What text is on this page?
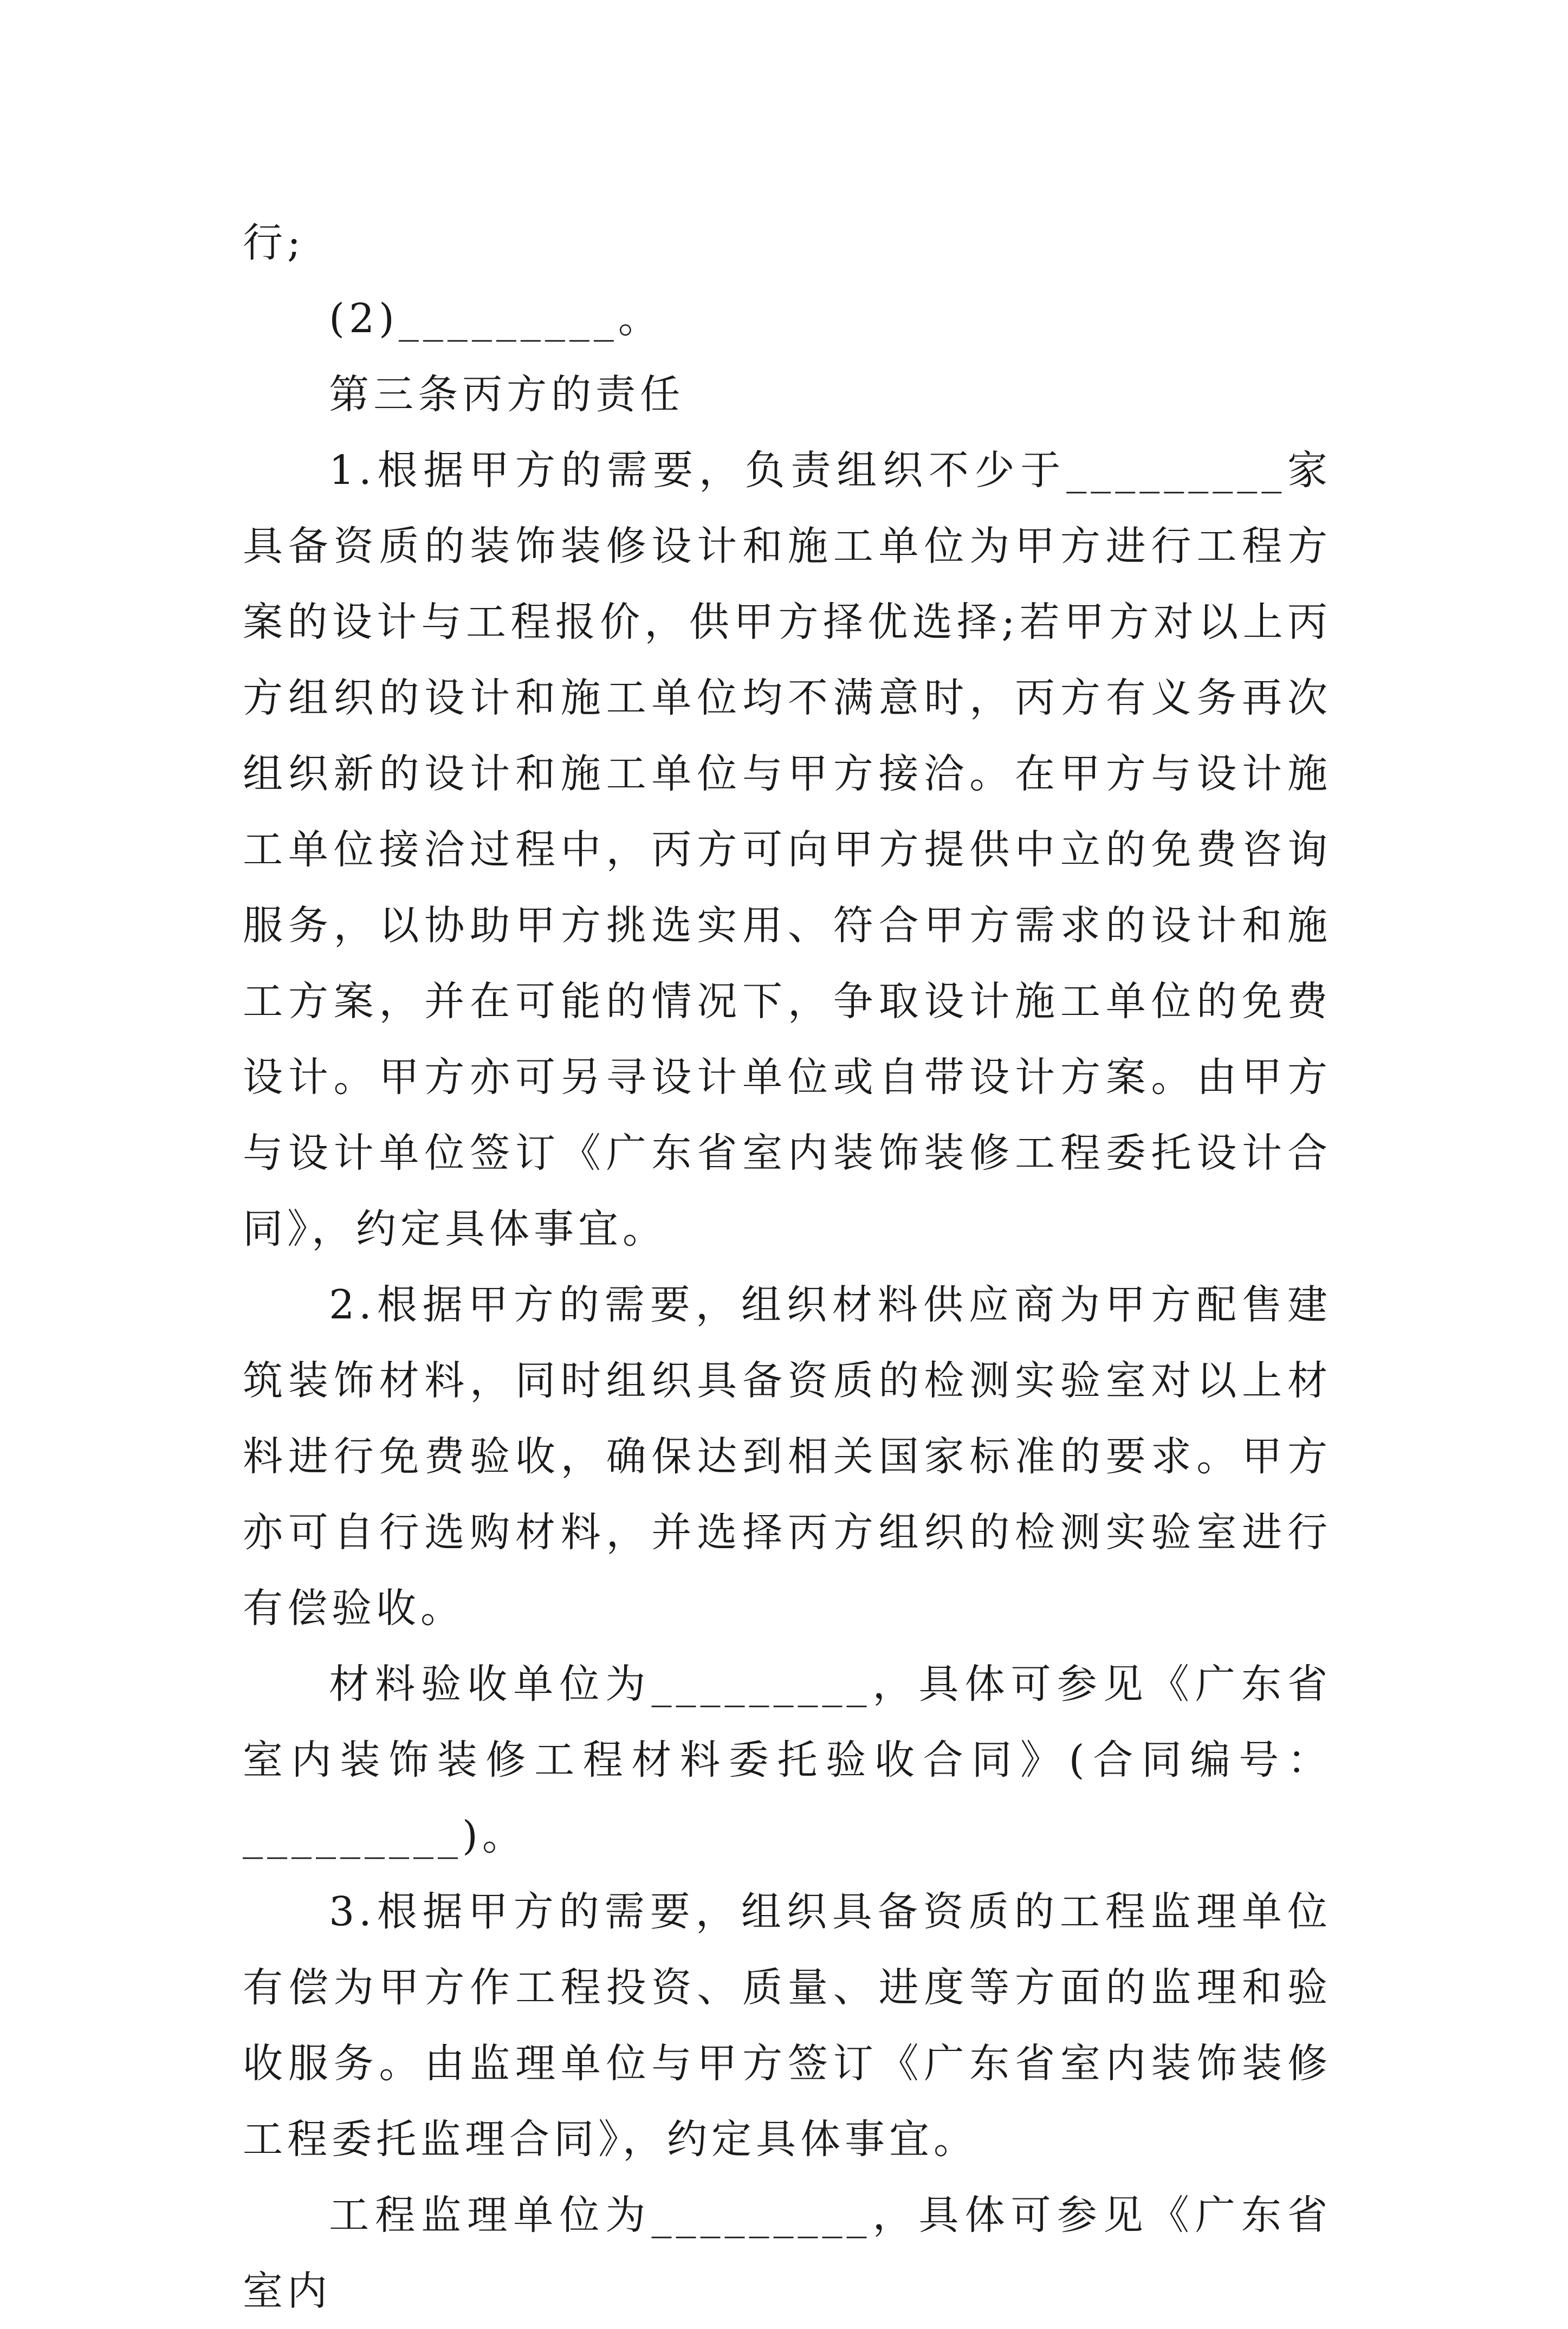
行;

(2)_________。

第三条丙方的责任

1.根据甲方的需要，负责组织不少于_________家具备资质的装饰装修设计和施工单位为甲方进行工程方案的设计与工程报价，供甲方择优选择;若甲方对以上丙方组织的设计和施工单位均不满意时，丙方有义务再次组织新的设计和施工单位与甲方接洽。在甲方与设计施工单位接洽过程中，丙方可向甲方提供中立的免费咨询服务，以协助甲方挑选实用、符合甲方需求的设计和施工方案，并在可能的情况下，争取设计施工单位的免费设计。甲方亦可另寻设计单位或自带设计方案。由甲方与设计单位签订《广东省室内装饰装修工程委托设计合同》，约定具体事宜。

2.根据甲方的需要，组织材料供应商为甲方配售建筑装饰材料，同时组织具备资质的检测实验室对以上材料进行免费验收，确保达到相关国家标准的要求。甲方亦可自行选购材料，并选择丙方组织的检测实验室进行有偿验收。

材料验收单位为_________，具体可参见《广东省室内装饰装修工程材料委托验收合同》(合同编号：_________)。

3.根据甲方的需要，组织具备资质的工程监理单位有偿为甲方作工程投资、质量、进度等方面的监理和验收服务。由监理单位与甲方签订《广东省室内装饰装修工程委托监理合同》，约定具体事宜。

工程监理单位为_________，具体可参见《广东省室内
